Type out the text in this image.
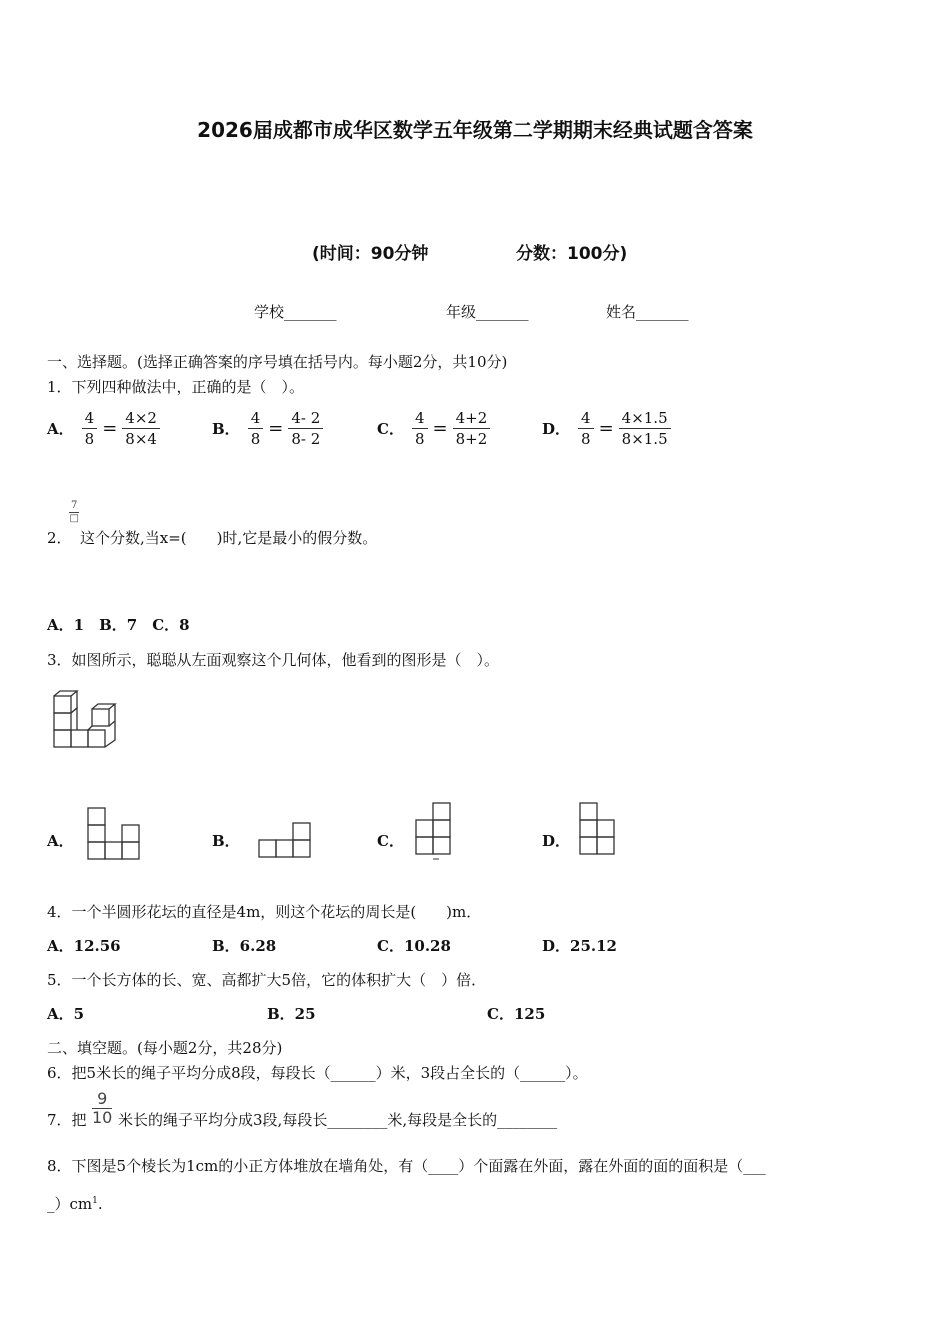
2026届成都市成华区数学五年级第二学期期末经典试题含答案
(时间：90分钟	分数：100分)
学校_______	年级_______	姓名_______
一、选择题。(选择正确答案的序号填在括号内。每小题2分，共10分)
1．下列四种做法中，正确的是（　）。
A． $\frac{4}{8} = \frac{4\times 2}{8\times 4}$	B． $\frac{4}{8} = \frac{4- 2}{8- 2}$	C． $\frac{4}{8} = \frac{4+2}{8+2}$	D． $\frac{4}{8} = \frac{4\times 1.5}{8\times 1.5}$
2．
7
□
这个分数,当x=(　　)时,它是最小的假分数。
A．1　B．7　C．8
3．如图所示，聪聪从左面观察这个几何体，他看到的图形是（　）。
A．	B．	C．	D．
4．一个半圆形花坛的直径是4m，则这个花坛的周长是(　　)m．
A．12.56	B．6.28	C．10.28	D．25.12
5．一个长方体的长、宽、高都扩大5倍，它的体积扩大（　）倍．
A．5	B．25	C．125
二、填空题。(每小题2分，共28分)
6．把5米长的绳子平均分成8段，每段长（______）米，3段占全长的（______）。
7．把
9
10 米长的绳子平均分成3段,每段长________米,每段是全长的________
8．下图是5个棱长为1cm的小正方体堆放在墙角处，有（____）个面露在外面，露在外面的面的面积是（___
$\_)cm^1$.
